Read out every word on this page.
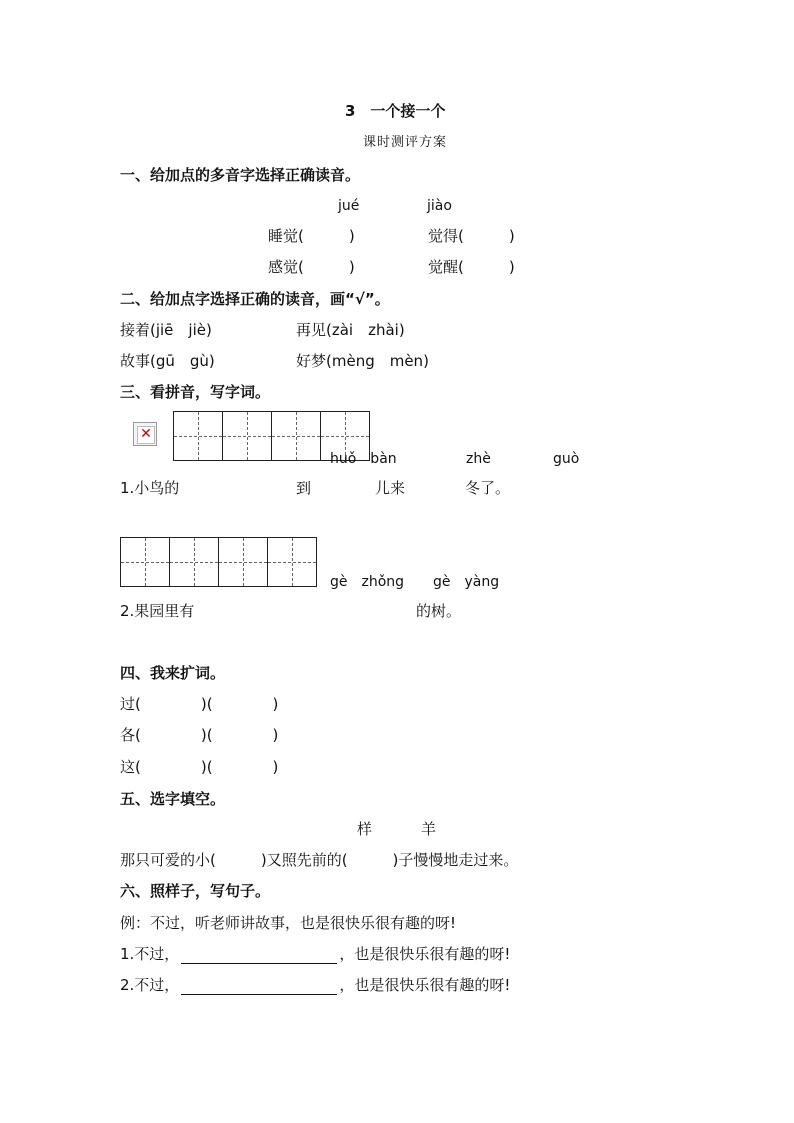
3　一个接一个
课时测评方案
一、给加点的多音字选择正确读音。
jué	jiào
睡觉(　　　)	觉得(　　　)
感觉(　　　)	觉醒(　　　)
二、给加点字选择正确的读音，画“√”。
接着(jiē　jiè)	再见(zài　zhài)
故事(gū　gù)	好梦(mèng　mèn)
三、看拼音，写字词。
✕
huǒ　bàn	zhè	guò
1.小鸟的	到	儿来	冬了。
gè　zhǒng gè　yàng
2.果园里有	的树。
四、我来扩词。
过(　　　　)(　　　　)
各(　　　　)(　　　　)
这(　　　　)(　　　　)
五、选字填空。
样	羊
那只可爱的小(　　　)又照先前的(　　　)子慢慢地走过来。
六、照样子，写句子。
例：不过，听老师讲故事，也是很快乐很有趣的呀!
1.不过，	，也是很快乐很有趣的呀!
2.不过，	，也是很快乐很有趣的呀!
